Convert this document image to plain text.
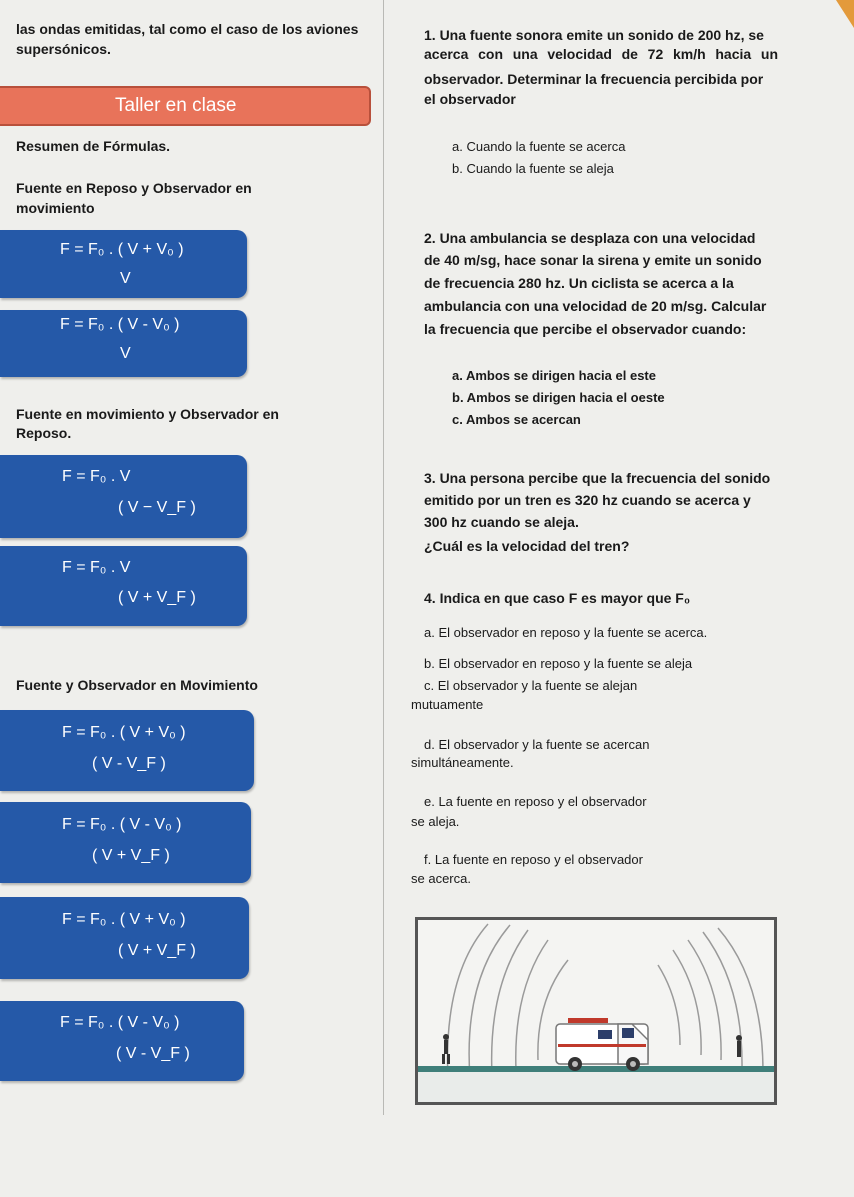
las ondas emitidas, tal como el caso de los aviones
supersónicos.
Taller en clase
Resumen de Fórmulas.
Fuente en Reposo y Observador en
movimiento
F = F₀ . ( V + V₀ )
V
F = F₀ . ( V - V₀ )
V
Fuente en movimiento y Observador en
Reposo.
F = F₀ . V
( V − V_F )
F = F₀ . V
( V + V_F )
Fuente y Observador en Movimiento
F = F₀ . ( V + V₀ )
( V - V_F )
F = F₀ . ( V - V₀ )
( V + V_F )
F = F₀ . ( V + V₀ )
( V + V_F )
F = F₀ . ( V - V₀ )
( V - V_F )
1. Una fuente sonora emite un sonido de 200 hz, se
acerca con una velocidad de 72 km/h hacia un
observador. Determinar la frecuencia percibida por
el observador
a. Cuando la fuente se acerca
b. Cuando la fuente se aleja
2. Una ambulancia se desplaza con una velocidad
de 40 m/sg, hace sonar la sirena y emite un sonido
de frecuencia 280 hz. Un ciclista se acerca a la
ambulancia con una velocidad de 20 m/sg. Calcular
la frecuencia que percibe el observador cuando:
a. Ambos se dirigen hacia el este
b. Ambos se dirigen hacia el oeste
c. Ambos se acercan
3. Una persona percibe que la frecuencia del sonido
emitido por un tren es 320 hz cuando se acerca y
300 hz cuando se aleja.
¿Cuál es la velocidad del tren?
4. Indica en que caso F es mayor que F₀
a. El observador en reposo y la fuente se acerca.
b. El observador en reposo y la fuente se aleja
c. El observador y la fuente se alejan
mutuamente
d. El observador y la fuente se acercan
simultáneamente.
e. La fuente en reposo y el observador
se aleja.
f. La fuente en reposo y el observador
se acerca.
